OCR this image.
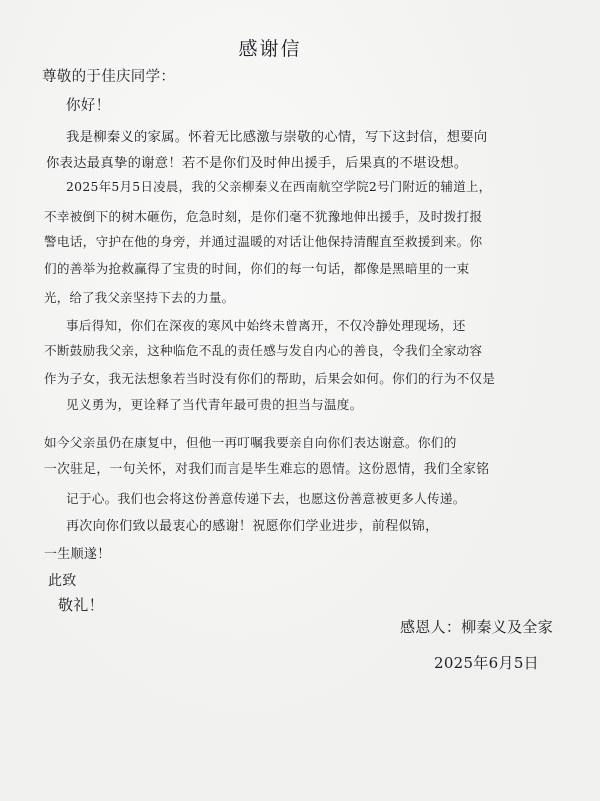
感谢信
尊敬的于佳庆同学：
你好！
我是柳秦义的家属。怀着无比感激与崇敬的心情，写下这封信，想要向
你表达最真挚的谢意！若不是你们及时伸出援手，后果真的不堪设想。
2025年5月5日凌晨，我的父亲柳秦义在西南航空学院2号门附近的辅道上，
不幸被倒下的树木砸伤，危急时刻，是你们毫不犹豫地伸出援手，及时拨打报
警电话，守护在他的身旁，并通过温暖的对话让他保持清醒直至救援到来。你
们的善举为抢救赢得了宝贵的时间，你们的每一句话，都像是黑暗里的一束
光，给了我父亲坚持下去的力量。
事后得知，你们在深夜的寒风中始终未曾离开，不仅冷静处理现场，还
不断鼓励我父亲，这种临危不乱的责任感与发自内心的善良，令我们全家动容
作为子女，我无法想象若当时没有你们的帮助，后果会如何。你们的行为不仅是
见义勇为，更诠释了当代青年最可贵的担当与温度。
如今父亲虽仍在康复中，但他一再叮嘱我要亲自向你们表达谢意。你们的
一次驻足，一句关怀，对我们而言是毕生难忘的恩情。这份恩情，我们全家铭
记于心。我们也会将这份善意传递下去，也愿这份善意被更多人传递。
再次向你们致以最衷心的感谢！祝愿你们学业进步，前程似锦，
一生顺遂！
此致
感恩人：柳秦义及全家
2025年6月5日
敬礼！
